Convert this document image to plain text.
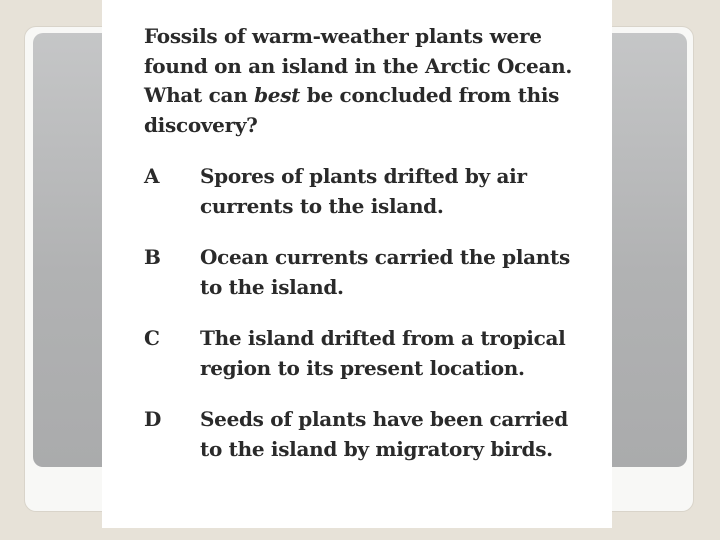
Fossils of warm-weather plants were found on an island in the Arctic Ocean. What can best be concluded from this discovery?

A	Spores of plants drifted by air currents to the island.
B	Ocean currents carried the plants to the island.
C	The island drifted from a tropical region to its present location.
D	Seeds of plants have been carried to the island by migratory birds.
